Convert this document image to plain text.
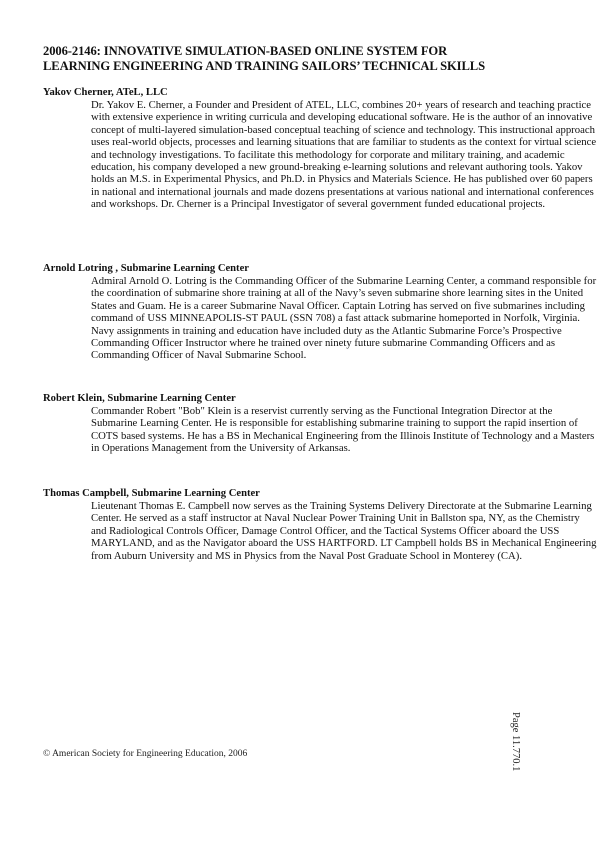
2006-2146: INNOVATIVE SIMULATION-BASED ONLINE SYSTEM FOR
LEARNING ENGINEERING AND TRAINING SAILORS’ TECHNICAL SKILLS

Yakov Cherner, ATeL, LLC

Dr. Yakov E. Cherner, a Founder and President of ATEL, LLC, combines 20+ years of research and teaching practice with extensive experience in writing curricula and developing educational software. He is the author of an innovative concept of multi-layered simulation-based conceptual teaching of science and technology. This instructional approach uses real-world objects, processes and learning situations that are familiar to students as the context for virtual science and technology investigations. To facilitate this methodology for corporate and military training, and academic education, his company developed a new ground-breaking e-learning solutions and relevant authoring tools. Yakov holds an M.S. in Experimental Physics, and Ph.D. in Physics and Materials Science. He has published over 60 papers in national and international journals and made dozens presentations at various national and international conferences and workshops. Dr. Cherner is a Principal Investigator of several government funded educational projects.

Arnold Lotring , Submarine Learning Center

Admiral Arnold O. Lotring is the Commanding Officer of the Submarine Learning Center, a command responsible for the coordination of submarine shore training at all of the Navy’s seven submarine shore learning sites in the United States and Guam. He is a career Submarine Naval Officer. Captain Lotring has served on five submarines including command of USS MINNEAPOLIS-ST PAUL (SSN 708) a fast attack submarine homeported in Norfolk, Virginia. Navy assignments in training and education have included duty as the Atlantic Submarine Force’s Prospective Commanding Officer Instructor where he trained over ninety future submarine Commanding Officers and as Commanding Officer of Naval Submarine School.

Robert Klein, Submarine Learning Center

Commander Robert "Bob" Klein is a reservist currently serving as the Functional Integration Director at the Submarine Learning Center. He is responsible for establishing submarine training to support the rapid insertion of COTS based systems. He has a BS in Mechanical Engineering from the Illinois Institute of Technology and a Masters in Operations Management from the University of Arkansas.

Thomas Campbell, Submarine Learning Center

Lieutenant Thomas E. Campbell now serves as the Training Systems Delivery Directorate at the Submarine Learning Center. He served as a staff instructor at Naval Nuclear Power Training Unit in Ballston spa, NY, as the Chemistry and Radiological Controls Officer, Damage Control Officer, and the Tactical Systems Officer aboard the USS MARYLAND, and as the Navigator aboard the USS HARTFORD. LT Campbell holds BS in Mechanical Engineering from Auburn University and MS in Physics from the Naval Post Graduate School in Monterey (CA).

Page 11.770.1
© American Society for Engineering Education, 2006
